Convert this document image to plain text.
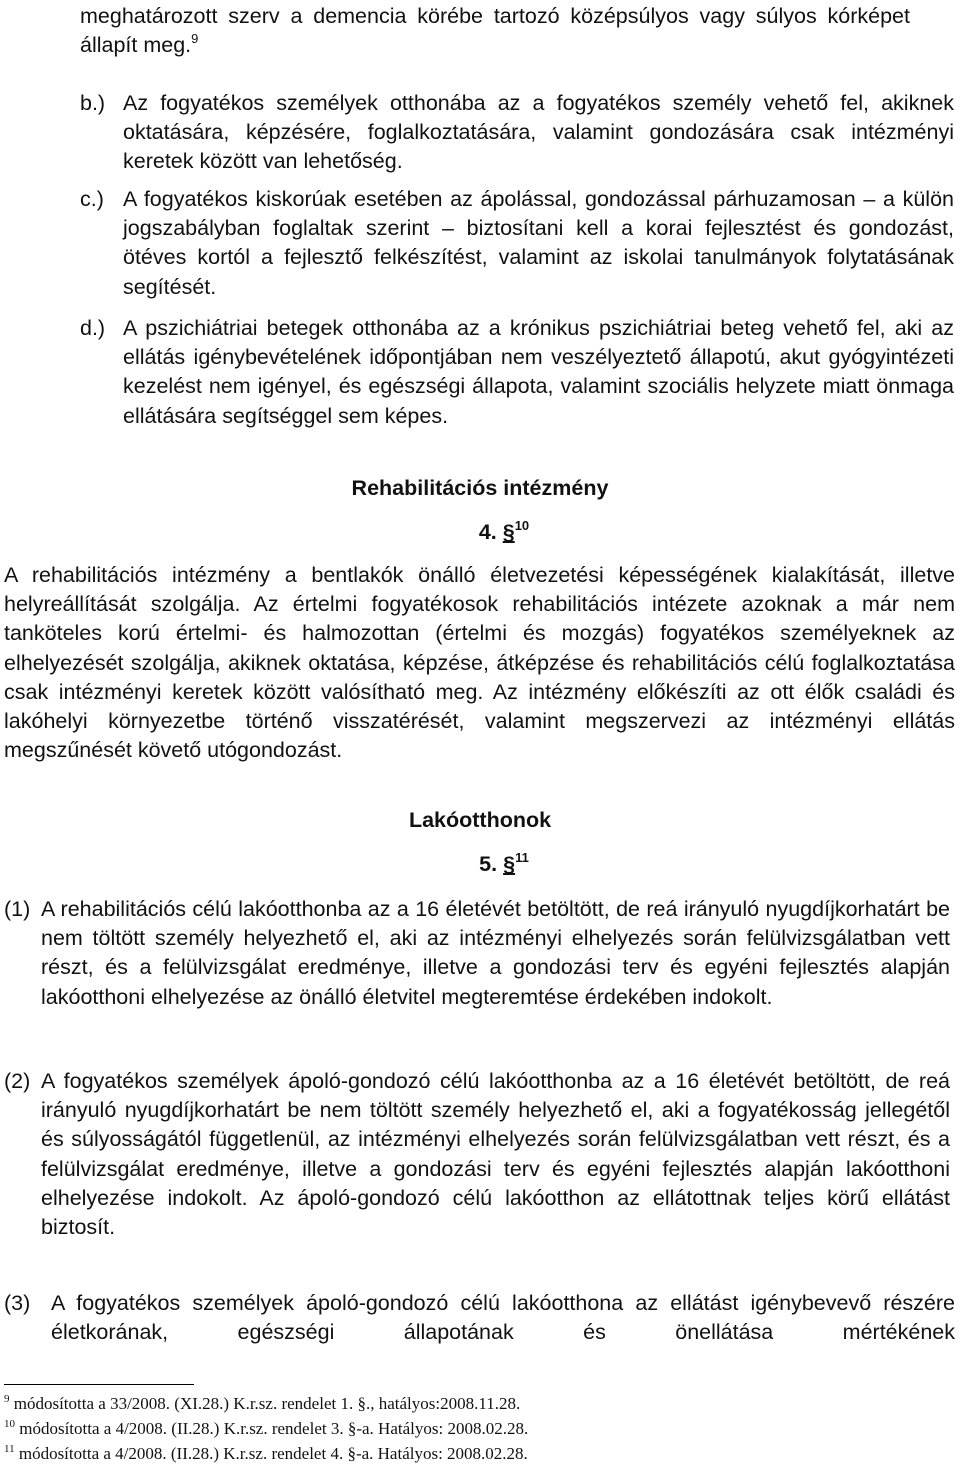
meghatározott szerv a demencia körébe tartozó középsúlyos vagy súlyos kórképet állapít meg.$^9$

b.) Az fogyatékos személyek otthonába az a fogyatékos személy vehető fel, akiknek oktatására, képzésére, foglalkoztatására, valamint gondozására csak intézményi keretek között van lehetőség.

c.) A fogyatékos kiskorúak esetében az ápolással, gondozással párhuzamosan – a külön jogszabályban foglaltak szerint – biztosítani kell a korai fejlesztést és gondozást, ötéves kortól a fejlesztő felkészítést, valamint az iskolai tanulmányok folytatásának segítését.

d.) A pszichiátriai betegek otthonába az a krónikus pszichiátriai beteg vehető fel, aki az ellátás igénybevételének időpontjában nem veszélyeztető állapotú, akut gyógyintézeti kezelést nem igényel, és egészségi állapota, valamint szociális helyzete miatt önmaga ellátására segítséggel sem képes.

Rehabilitációs intézmény

4. §$^{10}$

A rehabilitációs intézmény a bentlakók önálló életvezetési képességének kialakítását, illetve helyreállítását szolgálja. Az értelmi fogyatékosok rehabilitációs intézete azoknak a már nem tanköteles korú értelmi- és halmozottan (értelmi és mozgás) fogyatékos személyeknek az elhelyezését szolgálja, akiknek oktatása, képzése, átképzése és rehabilitációs célú foglalkoztatása csak intézményi keretek között valósítható meg. Az intézmény előkészíti az ott élők családi és lakóhelyi környezetbe történő visszatérését, valamint megszervezi az intézményi ellátás megszűnését követő utógondozást.

Lakóotthonok

5. §$^{11}$

(1) A rehabilitációs célú lakóotthonba az a 16 életévét betöltött, de reá irányuló nyugdíjkorhatárt be nem töltött személy helyezhető el, aki az intézményi elhelyezés során felülvizsgálatban vett részt, és a felülvizsgálat eredménye, illetve a gondozási terv és egyéni fejlesztés alapján lakóotthoni elhelyezése az önálló életvitel megteremtése érdekében indokolt.

(2) A fogyatékos személyek ápoló-gondozó célú lakóotthonba az a 16 életévét betöltött, de reá irányuló nyugdíjkorhatárt be nem töltött személy helyezhető el, aki a fogyatékosság jellegétől és súlyosságától függetlenül, az intézményi elhelyezés során felülvizsgálatban vett részt, és a felülvizsgálat eredménye, illetve a gondozási terv és egyéni fejlesztés alapján lakóotthoni elhelyezése indokolt. Az ápoló-gondozó célú lakóotthon az ellátottnak teljes körű ellátást biztosít.

(3) A fogyatékos személyek ápoló-gondozó célú lakóotthona az ellátást igénybevevő részére életkorának, egészségi állapotának és önellátása mértékének

$^9$ módosította a 33/2008. (XI.28.) K.r.sz. rendelet 1. §., hatályos:2008.11.28.

$^{10}$ módosította a 4/2008. (II.28.) K.r.sz. rendelet 3. §-a. Hatályos: 2008.02.28.

$^{11}$ módosította a 4/2008. (II.28.) K.r.sz. rendelet 4. §-a. Hatályos: 2008.02.28.
